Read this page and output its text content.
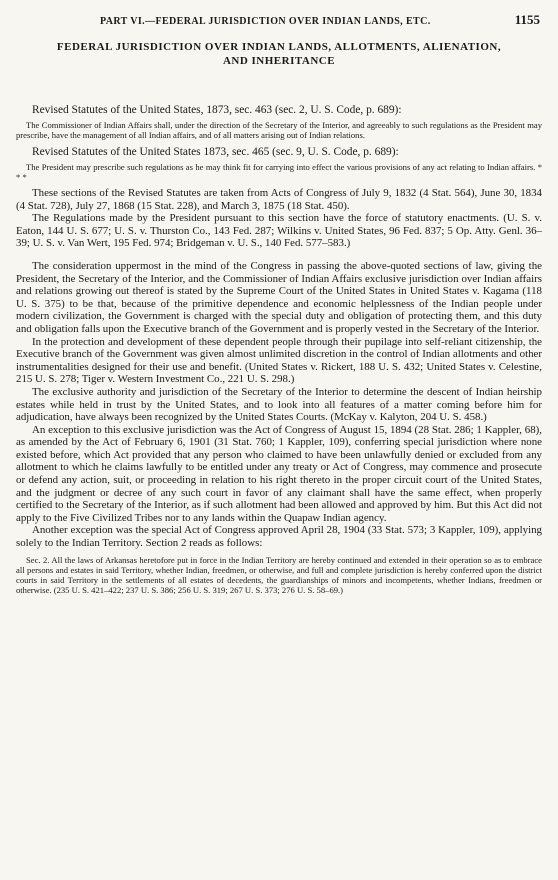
PART VI.—FEDERAL JURISDICTION OVER INDIAN LANDS, ETC.	1155
FEDERAL JURISDICTION OVER INDIAN LANDS, ALLOTMENTS, ALIENATION,
AND INHERITANCE

Revised Statutes of the United States, 1873, sec. 463 (sec. 2, U. S. Code, p. 689):

The Commissioner of Indian Affairs shall, under the direction of the Secretary of the Interior, and agreeably to such regulations as the President may prescribe, have the management of all Indian affairs, and of all matters arising out of Indian relations.

Revised Statutes of the United States 1873, sec. 465 (sec. 9, U. S. Code, p. 689):

The President may prescribe such regulations as he may think fit for carrying into effect the various provisions of any act relating to Indian affairs. * * *

These sections of the Revised Statutes are taken from Acts of Congress of July 9, 1832 (4 Stat. 564), June 30, 1834 (4 Stat. 728), July 27, 1868 (15 Stat. 228), and March 3, 1875 (18 Stat. 450).

The Regulations made by the President pursuant to this section have the force of statutory enactments. (U. S. v. Eaton, 144 U. S. 677; U. S. v. Thurston Co., 143 Fed. 287; Wilkins v. United States, 96 Fed. 837; 5 Op. Atty. Genl. 36–39; U. S. v. Van Wert, 195 Fed. 974; Bridgeman v. U. S., 140 Fed. 577–583.)

The consideration uppermost in the mind of the Congress in passing the above-quoted sections of law, giving the President, the Secretary of the Interior, and the Commissioner of Indian Affairs exclusive jurisdiction over Indian affairs and relations growing out thereof is stated by the Supreme Court of the United States in United States v. Kagama (118 U. S. 375) to be that, because of the primitive dependence and economic helplessness of the Indian people under modern civilization, the Government is charged with the special duty and obligation of protecting them, and this duty and obligation falls upon the Executive branch of the Government and is properly vested in the Secretary of the Interior.

In the protection and development of these dependent people through their pupilage into self-reliant citizenship, the Executive branch of the Government was given almost unlimited discretion in the control of Indian allotments and other instrumentalities designed for their use and benefit. (United States v. Rickert, 188 U. S. 432; United States v. Celestine, 215 U. S. 278; Tiger v. Western Investment Co., 221 U. S. 298.)

The exclusive authority and jurisdiction of the Secretary of the Interior to determine the descent of Indian heirship estates while held in trust by the United States, and to look into all features of a matter coming before him for adjudication, have always been recognized by the United States Courts. (McKay v. Kalyton, 204 U. S. 458.)

An exception to this exclusive jurisdiction was the Act of Congress of August 15, 1894 (28 Stat. 286; 1 Kappler, 68), as amended by the Act of February 6, 1901 (31 Stat. 760; 1 Kappler, 109), conferring special jurisdiction where none existed before, which Act provided that any person who claimed to have been unlawfully denied or excluded from any allotment to which he claims lawfully to be entitled under any treaty or Act of Congress, may commence and prosecute or defend any action, suit, or proceeding in relation to his right thereto in the proper circuit court of the United States, and the judgment or decree of any such court in favor of any claimant shall have the same effect, when properly certified to the Secretary of the Interior, as if such allotment had been allowed and approved by him. But this Act did not apply to the Five Civilized Tribes nor to any lands within the Quapaw Indian agency.

Another exception was the special Act of Congress approved April 28, 1904 (33 Stat. 573; 3 Kappler, 109), applying solely to the Indian Territory. Section 2 reads as follows:

Sec. 2. All the laws of Arkansas heretofore put in force in the Indian Territory are hereby continued and extended in their operation so as to embrace all persons and estates in said Territory, whether Indian, freedmen, or otherwise, and full and complete jurisdiction is hereby conferred upon the district courts in said Territory in the settlements of all estates of decedents, the guardianships of minors and incompetents, whether Indians, freedmen or otherwise. (235 U. S. 421–422; 237 U. S. 386; 256 U. S. 319; 267 U. S. 373; 276 U. S. 58–69.)
